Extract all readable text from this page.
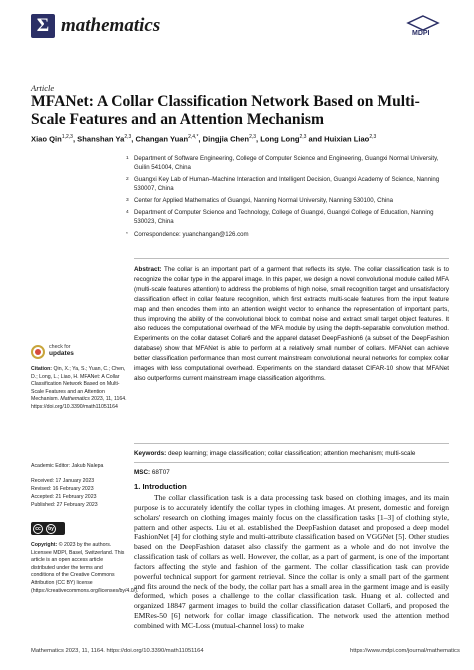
Σ mathematics	MDPI
Article
MFANet: A Collar Classification Network Based on Multi-Scale Features and an Attention Mechanism
Xiao Qin$^{1,2,3}$, Shanshan Ya$^{2,3}$, Changan Yuan$^{2,4,*}$, Dingjia Chen$^{2,3}$, Long Long$^{2,3}$ and Huixian Liao$^{2,3}$
1 Department of Software Engineering, College of Computer Science and Engineering, Guangxi Normal University, Guilin 541004, China
2 Guangxi Key Lab of Human–Machine Interaction and Intelligent Decision, Guangxi Academy of Science, Nanning 530007, China
3 Center for Applied Mathematics of Guangxi, Nanning Normal University, Nanning 530100, China
4 Department of Computer Science and Technology, College of Guangxi, Guangxi College of Education, Nanning 530023, China
* Correspondence: yuanchangan@126.com
Abstract: The collar is an important part of a garment that reflects its style. The collar classification task is to recognize the collar type in the apparel image. In this paper, we design a novel convolutional module called MFA (multi-scale features attention) to address the problems of high noise, small recognition target and unsatisfactory classification effect in collar feature recognition, which first extracts multi-scale features from the input feature map and then encodes them into an attention weight vector to enhance the representation of important parts, thus improving the ability of the convolutional block to combat noise and extract small target object features. It also reduces the computational overhead of the MFA module by using the depth-separable convolution method. Experiments on the collar dataset Collar6 and the apparel dataset DeepFashion6 (a subset of the DeepFashion database) show that MFANet is able to perform at a relatively small number of collars. MFANet can achieve better classification performance than most current mainstream convolutional neural networks for complex collar images with less computational overhead. Experiments on the standard dataset CIFAR-10 show that MFANet also outperforms current mainstream image classification algorithms.
Keywords: deep learning; image classification; collar classification; attention mechanism; multi-scale
MSC: 68T07
check for
updates
Citation: Qin, X.; Ya, S.; Yuan, C.; Chen, D.; Long, L.; Liao, H. MFANet: A Collar Classification Network Based on Multi-Scale Features and an Attention Mechanism. Mathematics 2023, 11, 1164. https://doi.org/10.3390/math11051164
Academic Editor: Jakub Nalepa
Received: 17 January 2023
Revised: 16 February 2023
Accepted: 21 February 2023
Published: 27 February 2023
cc	by
Copyright: © 2023 by the authors. Licensee MDPI, Basel, Switzerland. This article is an open access article distributed under the terms and conditions of the Creative Commons Attribution (CC BY) license (https://creativecommons.org/licenses/by/4.0/).
1. Introduction
The collar classification task is a data processing task based on clothing images, and its main purpose is to accurately identify the collar types in clothing images. At present, domestic and foreign scholars' research on clothing images mainly focus on the classification tasks [1–3] of clothing style, pattern and other aspects. Liu et al. established the DeepFashion dataset and proposed a deep model FashionNet [4] for clothing style and multi-attribute classification based on VGGNet [5]. Other studies based on the DeepFashion dataset also classify the garment as a whole and do not involve the classification task of collars as well. However, the collar, as a part of garment, is one of the important factors affecting the style and fashion of the garment. The collar classification task can provide powerful technical support for garment retrieval. Since the collar is only a small part of the garment and fits around the neck of the body, the collar part has a small area in the garment image and is easily deformed, which poses a challenge to the collar classification task. Huang et al. collected and organized 18847 garment images to build the collar classification dataset Collar6, and proposed the EMRes-50 [6] network for collar image classification. The network used the attention method combined with MC-Loss (mutual-channel loss) to make
Mathematics 2023, 11, 1164. https://doi.org/10.3390/math11051164	https://www.mdpi.com/journal/mathematics
